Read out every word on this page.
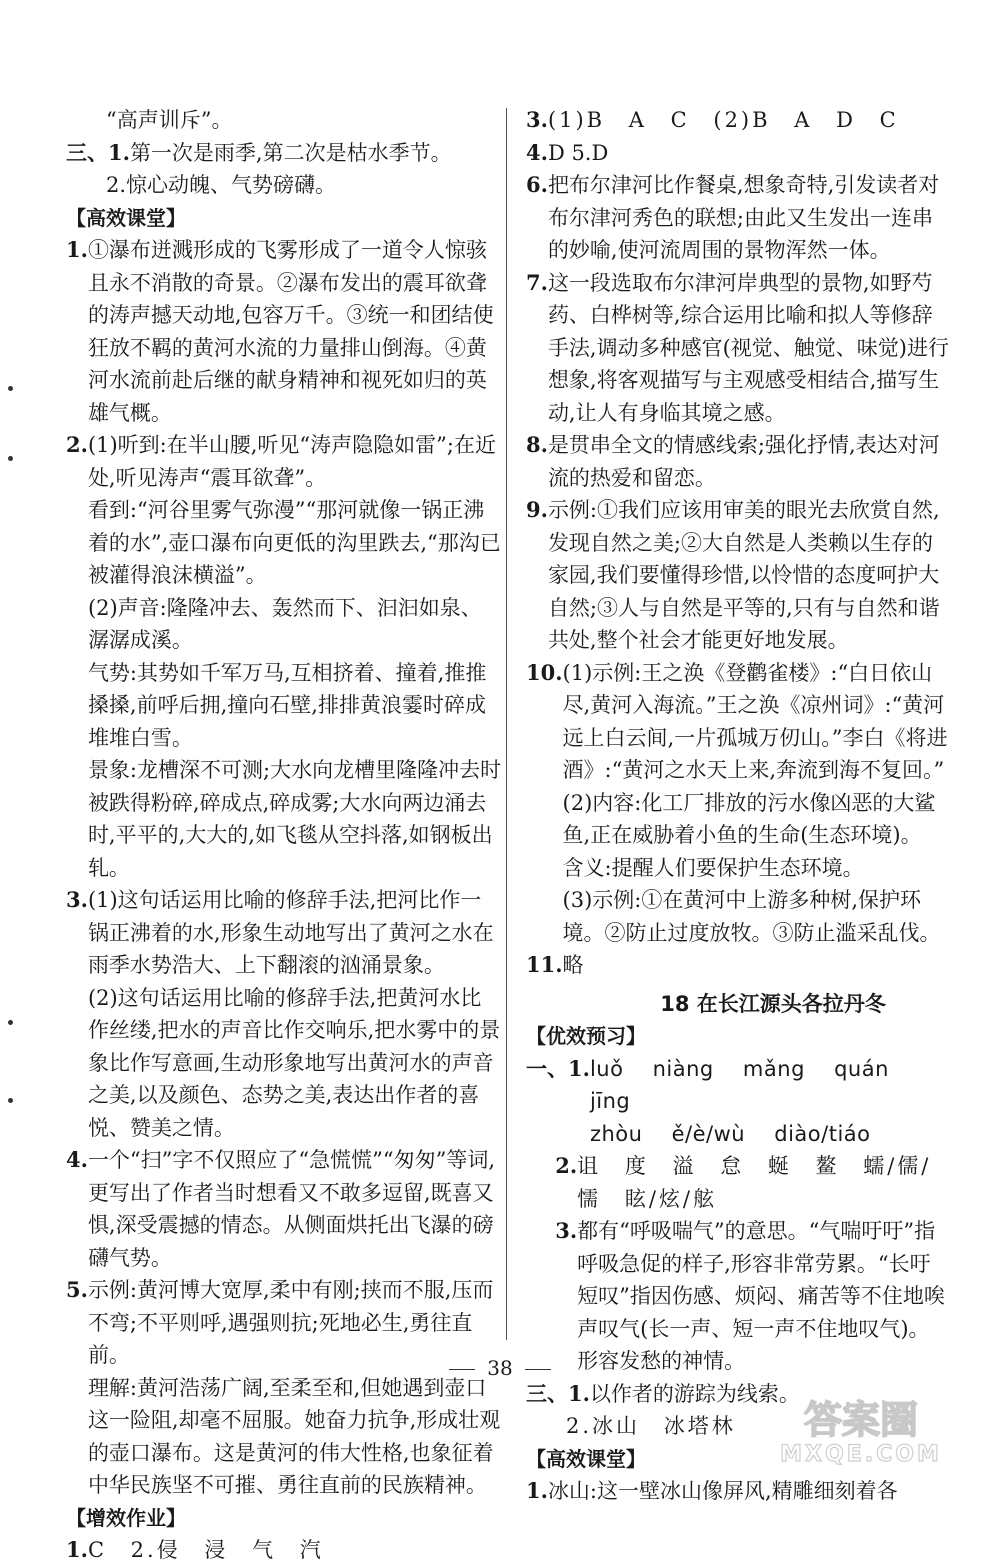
“高声训斥”。
三、1. 第一次是雨季,第二次是枯水季节。
2.惊心动魄、气势磅礴。
【高效课堂】
1. ①瀑布迸溅形成的飞雾形成了一道令人惊骇且永不消散的奇景。②瀑布发出的震耳欲聋的涛声撼天动地,包容万千。③统一和团结使狂放不羁的黄河水流的力量排山倒海。④黄河水流前赴后继的献身精神和视死如归的英雄气概。

2. (1)听到:在半山腰,听见“涛声隐隐如雷”;在近处,听见涛声“震耳欲聋”。

看到:“河谷里雾气弥漫”“那河就像一锅正沸着的水”,壶口瀑布向更低的沟里跌去,“那沟已被灌得浪沫横溢”。

(2)声音:隆隆冲去、轰然而下、汩汩如泉、潺潺成溪。

气势:其势如千军万马,互相挤着、撞着,推推搡搡,前呼后拥,撞向石壁,排排黄浪霎时碎成堆堆白雪。

景象:龙槽深不可测;大水向龙槽里隆隆冲去时被跌得粉碎,碎成点,碎成雾;大水向两边涌去时,平平的,大大的,如飞毯从空抖落,如钢板出轧。

3. (1)这句话运用比喻的修辞手法,把河比作一锅正沸着的水,形象生动地写出了黄河之水在雨季水势浩大、上下翻滚的汹涌景象。

(2)这句话运用比喻的修辞手法,把黄河水比作丝缕,把水的声音比作交响乐,把水雾中的景象比作写意画,生动形象地写出黄河水的声音之美,以及颜色、态势之美,表达出作者的喜悦、赞美之情。

4. 一个“扫”字不仅照应了“急慌慌”“匆匆”等词,更写出了作者当时想看又不敢多逗留,既喜又惧,深受震撼的情态。从侧面烘托出飞瀑的磅礴气势。

5. 示例:黄河博大宽厚,柔中有刚;挟而不服,压而不弯;不平则呼,遇强则抗;死地必生,勇往直前。

理解:黄河浩荡广阔,至柔至和,但她遇到壶口这一险阻,却毫不屈服。她奋力抗争,形成壮观的壶口瀑布。这是黄河的伟大性格,也象征着中华民族坚不可摧、勇往直前的民族精神。

【增效作业】
1. C 2.侵 浸 气 汽
3. (1)B A C (2)B A D C
4. D 5.D
6. 把布尔津河比作餐桌,想象奇特,引发读者对布尔津河秀色的联想;由此又生发出一连串的妙喻,使河流周围的景物浑然一体。

7. 这一段选取布尔津河岸典型的景物,如野芍药、白桦树等,综合运用比喻和拟人等修辞手法,调动多种感官(视觉、触觉、味觉)进行想象,将客观描写与主观感受相结合,描写生动,让人有身临其境之感。

8. 是贯串全文的情感线索;强化抒情,表达对河流的热爱和留恋。

9. 示例:①我们应该用审美的眼光去欣赏自然,发现自然之美;②大自然是人类赖以生存的家园,我们要懂得珍惜,以怜惜的态度呵护大自然;③人与自然是平等的,只有与自然和谐共处,整个社会才能更好地发展。

10. (1)示例:王之涣《登鹳雀楼》:“白日依山尽,黄河入海流。”王之涣《凉州词》:“黄河远上白云间,一片孤城万仞山。”李白《将进酒》:“黄河之水天上来,奔流到海不复回。”

(2)内容:化工厂排放的污水像凶恶的大鲨鱼,正在威胁着小鱼的生命(生态环境)。

含义:提醒人们要保护生态环境。

(3)示例:①在黄河中上游多种树,保护环境。②防止过度放牧。③防止滥采乱伐。

11. 略
18 在长江源头各拉丹冬
【优效预习】
一、1. luǒ niàng mǎng quán jīng

zhòu ě/è/wù diào/tiáo

2. 诅 度 溢 怠 蜒 鳌 蠕/儒/懦 眩/炫/舷

3. 都有“呼吸喘气”的意思。“气喘吁吁”指呼吸急促的样子,形容非常劳累。“长吁短叹”指因伤感、烦闷、痛苦等不住地唉声叹气(长一声、短一声不住地叹气)。形容发愁的神情。

三、1. 以作者的游踪为线索。
2.冰山 冰塔林
【高效课堂】
1. 冰山:这一壁冰山像屏风,精雕细刻着各
38
答案圈
MXQE.COM
